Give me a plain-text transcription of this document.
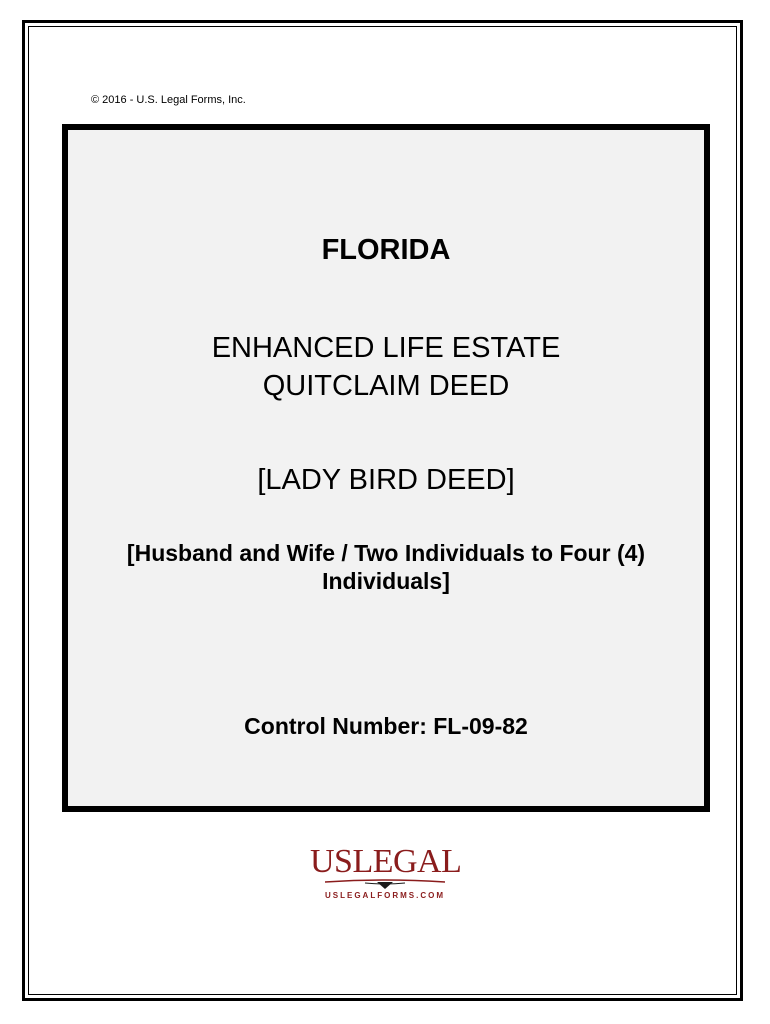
© 2016 - U.S. Legal Forms, Inc.
FLORIDA
ENHANCED LIFE ESTATE
QUITCLAIM DEED
[LADY BIRD DEED]
[Husband and Wife / Two Individuals to Four (4)
Individuals]
Control Number: FL-09-82
USLEGAL
USLEGALFORMS.COM
